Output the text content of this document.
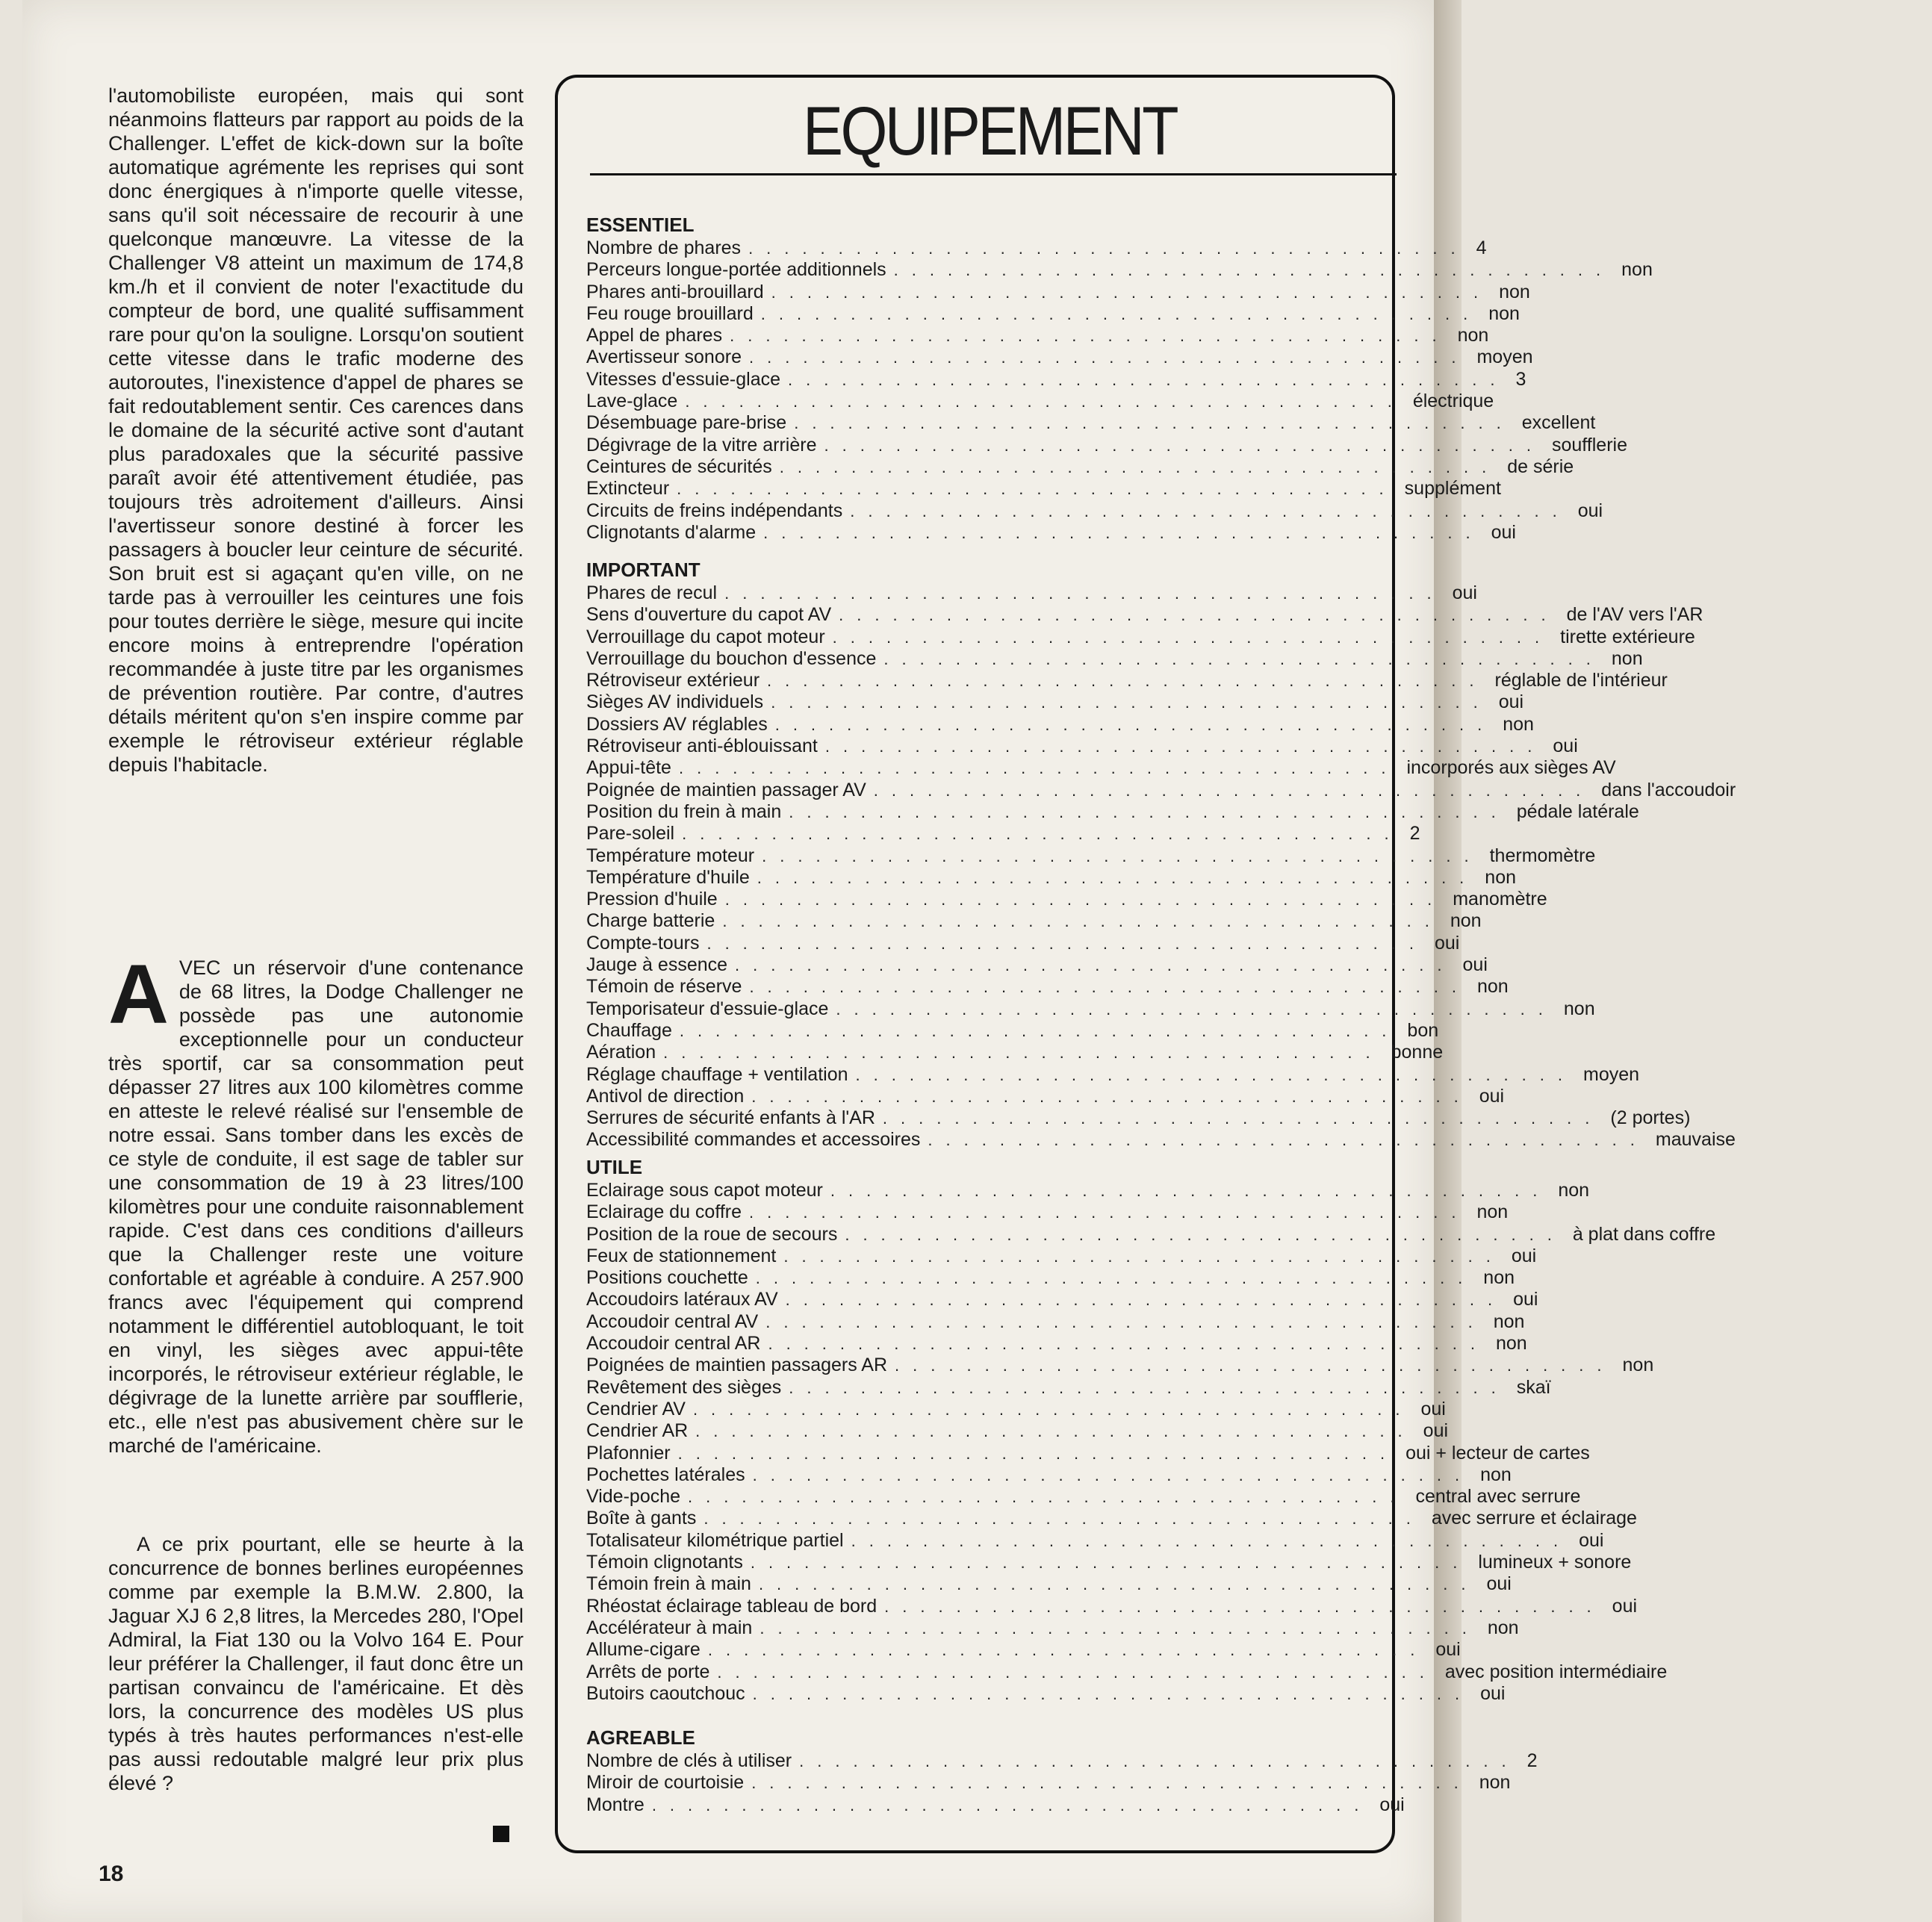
l'automobiliste européen, mais qui sont néanmoins flatteurs par rapport au poids de la Challenger. L'effet de kick-down sur la boîte automatique agrémente les reprises qui sont donc énergiques à n'importe quelle vitesse, sans qu'il soit nécessaire de recourir à une quelconque manœuvre. La vitesse de la Challenger V8 atteint un maximum de 174,8 km./h et il convient de noter l'exactitude du compteur de bord, une qualité suffisamment rare pour qu'on la souligne. Lorsqu'on soutient cette vitesse dans le trafic moderne des autoroutes, l'inexistence d'appel de phares se fait redoutablement sentir. Ces carences dans le domaine de la sécurité active sont d'autant plus paradoxales que la sécurité passive paraît avoir été attentivement étudiée, pas toujours très adroitement d'ailleurs. Ainsi l'avertisseur sonore destiné à forcer les passagers à boucler leur ceinture de sécurité. Son bruit est si agaçant qu'en ville, on ne tarde pas à verrouiller les ceintures une fois pour toutes derrière le siège, mesure qui incite encore moins à entreprendre l'opération recommandée à juste titre par les organismes de prévention routière. Par contre, d'autres détails méritent qu'on s'en inspire comme par exemple le rétroviseur extérieur réglable depuis l'habitacle.

AVEC un réservoir d'une contenance de 68 litres, la Dodge Challenger ne possède pas une autonomie exceptionnelle pour un conducteur très sportif, car sa consommation peut dépasser 27 litres aux 100 kilomètres comme en atteste le relevé réalisé sur l'ensemble de notre essai. Sans tomber dans les excès de ce style de conduite, il est sage de tabler sur une consommation de 19 à 23 litres/100 kilomètres pour une conduite raisonnablement rapide. C'est dans ces conditions d'ailleurs que la Challenger reste une voiture confortable et agréable à conduire. A 257.900 francs avec l'équipement qui comprend notamment le différentiel autobloquant, le toit en vinyl, les sièges avec appui-tête incorporés, le rétroviseur extérieur réglable, le dégivrage de la lunette arrière par soufflerie, etc., elle n'est pas abusivement chère sur le marché de l'américaine.

A ce prix pourtant, elle se heurte à la concurrence de bonnes berlines européennes comme par exemple la B.M.W. 2.800, la Jaguar XJ 6 2,8 litres, la Mercedes 280, l'Opel Admiral, la Fiat 130 ou la Volvo 164 E. Pour leur préférer la Challenger, il faut donc être un partisan convaincu de l'américaine. Et dès lors, la concurrence des modèles US plus typés à très hautes performances n'est-elle pas aussi redoutable malgré leur prix plus élevé ?

18
EQUIPEMENT
ESSENTIEL
Nombre de phares ........................................ 4
Perceurs longue-portée additionnels ........................................ non
Phares anti-brouillard ........................................ non
Feu rouge brouillard ........................................ non
Appel de phares ........................................ non
Avertisseur sonore ........................................ moyen
Vitesses d'essuie-glace ........................................ 3
Lave-glace ........................................ électrique
Désembuage pare-brise ........................................ excellent
Dégivrage de la vitre arrière ........................................ soufflerie
Ceintures de sécurités ........................................ de série
Extincteur ........................................ supplément
Circuits de freins indépendants ........................................ oui
Clignotants d'alarme ........................................ oui
IMPORTANT
Phares de recul ........................................ oui
Sens d'ouverture du capot AV ........................................ de l'AV vers l'AR
Verrouillage du capot moteur ........................................ tirette extérieure
Verrouillage du bouchon d'essence ........................................ non
Rétroviseur extérieur ........................................ réglable de l'intérieur
Sièges AV individuels ........................................ oui
Dossiers AV réglables ........................................ non
Rétroviseur anti-éblouissant ........................................ oui
Appui-tête ........................................ incorporés aux sièges AV
Poignée de maintien passager AV ........................................ dans l'accoudoir
Position du frein à main ........................................ pédale latérale
Pare-soleil ........................................ 2
Température moteur ........................................ thermomètre
Température d'huile ........................................ non
Pression d'huile ........................................ manomètre
Charge batterie ........................................ non
Compte-tours ........................................ oui
Jauge à essence ........................................ oui
Témoin de réserve ........................................ non
Temporisateur d'essuie-glace ........................................ non
Chauffage ........................................ bon
Aération ........................................ bonne
Réglage chauffage + ventilation ........................................ moyen
Antivol de direction ........................................ oui
Serrures de sécurité enfants à l'AR ........................................ (2 portes)
Accessibilité commandes et accessoires ........................................ mauvaise
UTILE
Eclairage sous capot moteur ........................................ non
Eclairage du coffre ........................................ non
Position de la roue de secours ........................................ à plat dans coffre
Feux de stationnement ........................................ oui
Positions couchette ........................................ non
Accoudoirs latéraux AV ........................................ oui
Accoudoir central AV ........................................ non
Accoudoir central AR ........................................ non
Poignées de maintien passagers AR ........................................ non
Revêtement des sièges ........................................ skaï
Cendrier AV ........................................ oui
Cendrier AR ........................................ oui
Plafonnier ........................................ oui + lecteur de cartes
Pochettes latérales ........................................ non
Vide-poche ........................................ central avec serrure
Boîte à gants ........................................ avec serrure et éclairage
Totalisateur kilométrique partiel ........................................ oui
Témoin clignotants ........................................ lumineux + sonore
Témoin frein à main ........................................ oui
Rhéostat éclairage tableau de bord ........................................ oui
Accélérateur à main ........................................ non
Allume-cigare ........................................ oui
Arrêts de porte ........................................ avec position intermédiaire
Butoirs caoutchouc ........................................ oui
AGREABLE
Nombre de clés à utiliser ........................................ 2
Miroir de courtoisie ........................................ non
Montre ........................................ oui
